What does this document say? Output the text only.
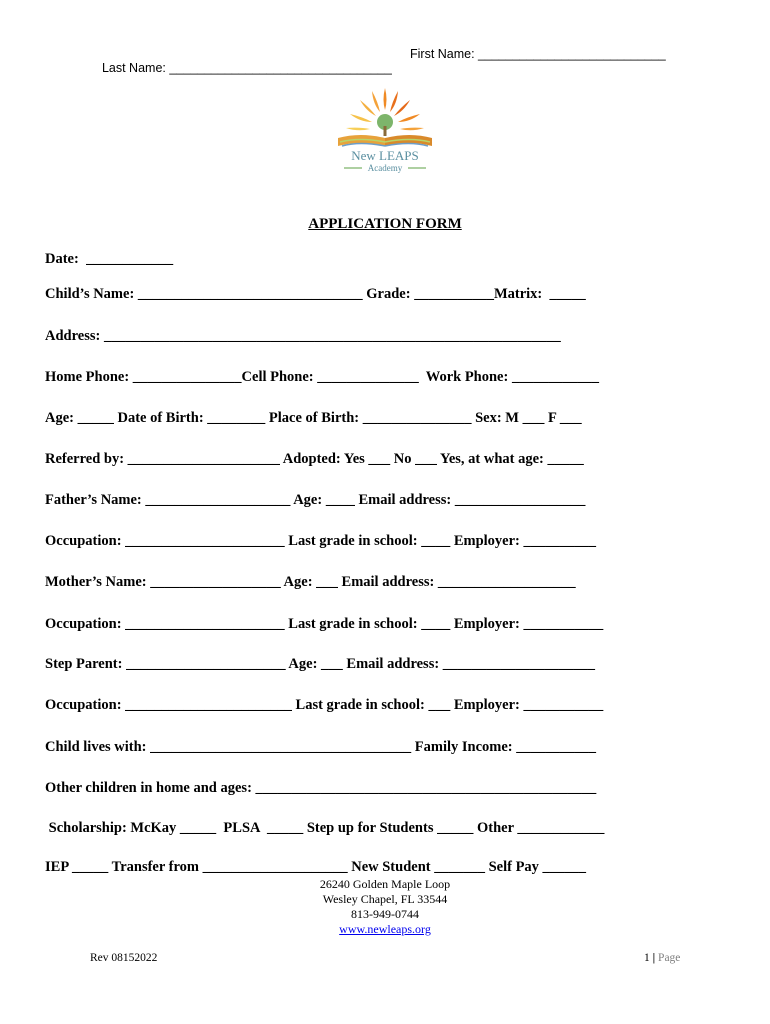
Last Name: ________________________________

First Name: ___________________________

New LEAPS
Academy
APPLICATION FORM
Date:  ____________
Child’s Name: _______________________________ Grade: ___________Matrix:  _____
Address: _______________________________________________________________
Home Phone: _______________Cell Phone: ______________  Work Phone: ____________
Age: _____ Date of Birth: ________ Place of Birth: _______________ Sex: M ___ F ___
Referred by: _____________________ Adopted: Yes ___ No ___ Yes, at what age: _____
Father’s Name: ____________________ Age: ____ Email address: __________________
Occupation: ______________________ Last grade in school: ____ Employer: __________
Mother’s Name: __________________ Age: ___ Email address: ___________________
Occupation: ______________________ Last grade in school: ____ Employer: ___________
Step Parent: ______________________ Age: ___ Email address: _____________________
Occupation: _______________________ Last grade in school: ___ Employer: ___________
Child lives with: ____________________________________ Family Income: ___________
Other children in home and ages: _______________________________________________
Scholarship: McKay _____  PLSA  _____ Step up for Students _____ Other ____________
IEP _____ Transfer from ____________________ New Student _______ Self Pay ______
26240 Golden Maple Loop
Wesley Chapel, FL 33544
813-949-0744
www.newleaps.org
Rev 08152022	1 | Page
